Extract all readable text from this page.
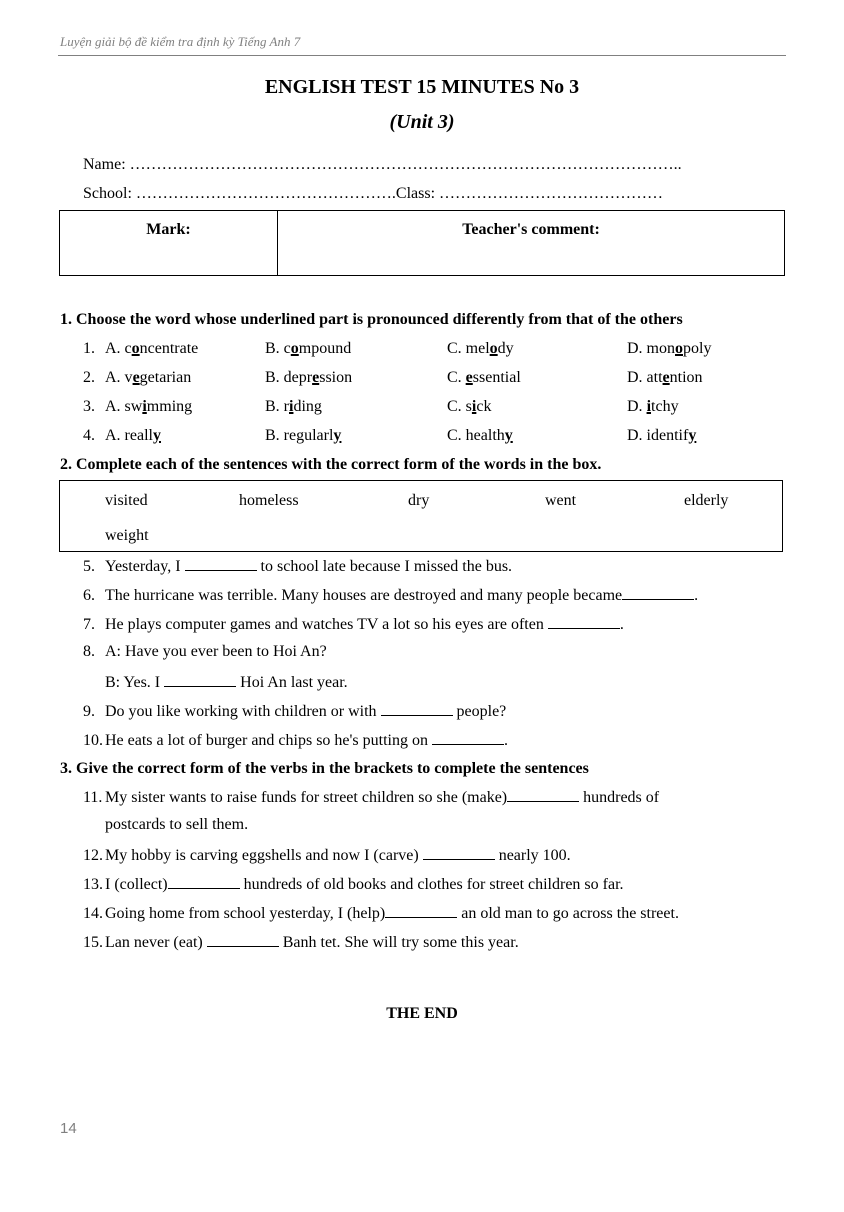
Luyện giải bộ đề kiểm tra định kỳ Tiếng Anh 7
ENGLISH TEST 15 MINUTES No 3
(Unit 3)
Name: …………………………………………………………………………………………..
School: ………………………………………….Class: ……………………………………
Mark:	Teacher's comment:
1. Choose the word whose underlined part is pronounced differently from that of the others
1. A. concentrate	B. compound	C. melody	D. monopoly
2. A. vegetarian	B. depression	C. essential	D. attention
3. A. swimming	B. riding	C. sick	D. itchy
4. A. really	B. regularly	C. healthy	D. identify
2. Complete each of the sentences with the correct form of the words in the box.
visited	homeless	dry	went	elderly
weight
5. Yesterday, I	to school late because I missed the bus.
6. The hurricane was terrible. Many houses are destroyed and many people became	.
7. He plays computer games and watches TV a lot so his eyes are often	.
8. A: Have you ever been to Hoi An?
B: Yes. I	Hoi An last year.
9. Do you like working with children or with	people?
10. He eats a lot of burger and chips so he's putting on	.
3. Give the correct form of the verbs in the brackets to complete the sentences
11. My sister wants to raise funds for street children so she (make)	hundreds of
postcards to sell them.
12. My hobby is carving eggshells and now I (carve)	nearly 100.
13. I (collect)	hundreds of old books and clothes for street children so far.
14. Going home from school yesterday, I (help)	an old man to go across the street.
15. Lan never (eat)	Banh tet. She will try some this year.
THE END
14
